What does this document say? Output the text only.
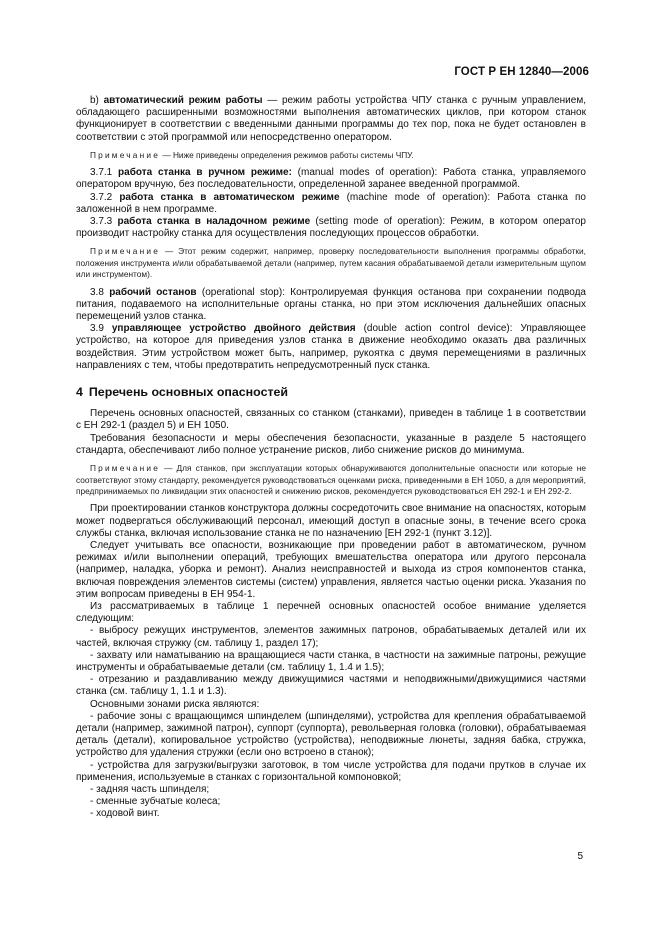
ГОСТ Р ЕН 12840—2006
b) автоматический режим работы — режим работы устройства ЧПУ станка с ручным управлением, обладающего расширенными возможностями выполнения автоматических циклов, при котором станок функционирует в соответствии с введенными данными программы до тех пор, пока не будет остановлен в соответствии с этой программой или непосредственно оператором.
Примечание — Ниже приведены определения режимов работы системы ЧПУ.
3.7.1 работа станка в ручном режиме: (manual modes of operation): Работа станка, управляемого оператором вручную, без последовательности, определенной заранее введенной программой.
3.7.2 работа станка в автоматическом режиме (machine mode of operation): Работа станка по заложенной в нем программе.
3.7.3 работа станка в наладочном режиме (setting mode of operation): Режим, в котором оператор производит настройку станка для осуществления последующих процессов обработки.
Примечание — Этот режим содержит, например, проверку последовательности выполнения программы обработки, положения инструмента и/или обрабатываемой детали (например, путем касания обрабатываемой детали измерительным щупом или инструментом).
3.8 рабочий останов (operational stop): Контролируемая функция останова при сохранении подвода питания, подаваемого на исполнительные органы станка, но при этом исключения дальнейших опасных перемещений узлов станка.
3.9 управляющее устройство двойного действия (double action control device): Управляющее устройство, на которое для приведения узлов станка в движение необходимо оказать два различных воздействия. Этим устройством может быть, например, рукоятка с двумя перемещениями в различных направлениях с тем, чтобы предотвратить непредусмотренный пуск станка.
4 Перечень основных опасностей
Перечень основных опасностей, связанных со станком (станками), приведен в таблице 1 в соответствии с ЕН 292-1 (раздел 5) и ЕН 1050.
Требования безопасности и меры обеспечения безопасности, указанные в разделе 5 настоящего стандарта, обеспечивают либо полное устранение рисков, либо снижение рисков до минимума.
Примечание — Для станков, при эксплуатации которых обнаруживаются дополнительные опасности или которые не соответствуют этому стандарту, рекомендуется руководствоваться оценками риска, приведенными в ЕН 1050, а для мероприятий, предпринимаемых по ликвидации этих опасностей и снижению рисков, рекомендуется руководствоваться ЕН 292-1 и ЕН 292-2.
При проектировании станков конструктора должны сосредоточить свое внимание на опасностях, которым может подвергаться обслуживающий персонал, имеющий доступ в опасные зоны, в течение всего срока службы станка, включая использование станка не по назначению [ЕН 292-1 (пункт 3.12)].
Следует учитывать все опасности, возникающие при проведении работ в автоматическом, ручном режимах и/или выполнении операций, требующих вмешательства оператора или другого персонала (например, наладка, уборка и ремонт). Анализ неисправностей и выхода из строя компонентов станка, включая повреждения элементов системы (систем) управления, является частью оценки риска. Указания по этим вопросам приведены в ЕН 954-1.
Из рассматриваемых в таблице 1 перечней основных опасностей особое внимание уделяется следующим:
- выбросу режущих инструментов, элементов зажимных патронов, обрабатываемых деталей или их частей, включая стружку (см. таблицу 1, раздел 17);
- захвату или наматыванию на вращающиеся части станка, в частности на зажимные патроны, режущие инструменты и обрабатываемые детали (см. таблицу 1, 1.4 и 1.5);
- отрезанию и раздавливанию между движущимися частями и неподвижными/движущимися частями станка (см. таблицу 1, 1.1 и 1.3).
Основными зонами риска являются:
- рабочие зоны с вращающимся шпинделем (шпинделями), устройства для крепления обрабатываемой детали (например, зажимной патрон), суппорт (суппорта), револьверная головка (головки), обрабатываемая деталь (детали), копировальное устройство (устройства), неподвижные люнеты, задняя бабка, стружка, устройство для удаления стружки (если оно встроено в станок);
- устройства для загрузки/выгрузки заготовок, в том числе устройства для подачи прутков в случае их применения, используемые в станках с горизонтальной компоновкой;
- задняя часть шпинделя;
- сменные зубчатые колеса;
- ходовой винт.
5
